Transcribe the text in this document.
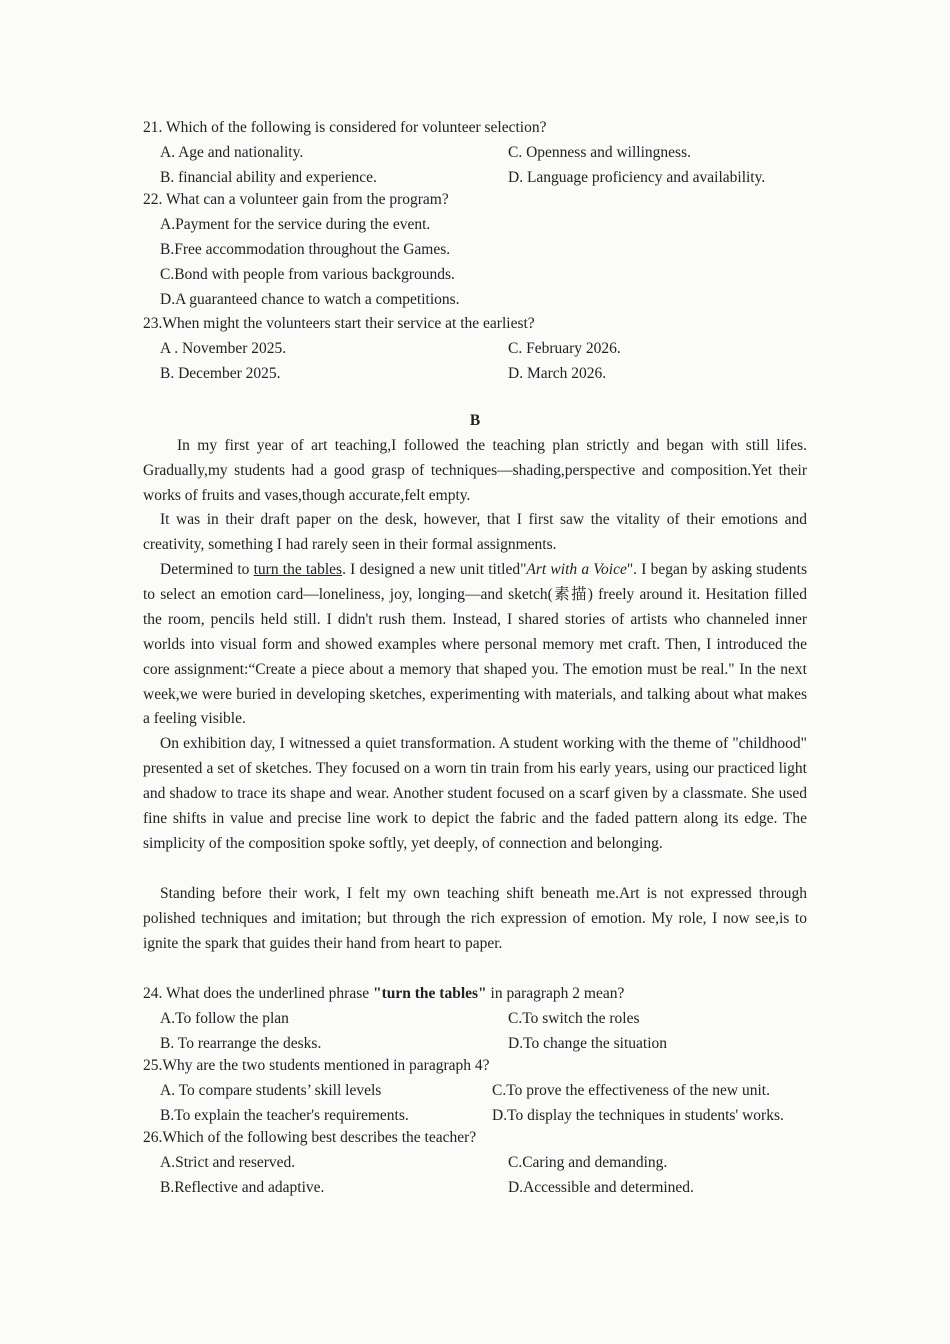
21. Which of the following is considered for volunteer selection?
A. Age and nationality.	C. Openness and willingness.
B. financial ability and experience.	D. Language proficiency and availability.
22. What can a volunteer gain from the program?
A.Payment for the service during the event.
B.Free accommodation throughout the Games.
C.Bond with people from various backgrounds.
D.A guaranteed chance to watch a competitions.
23.When might the volunteers start their service at the earliest?
A . November 2025.	C. February 2026.
B. December 2025.	D. March 2026.
B
In my first year of art teaching,I followed the teaching plan strictly and began with still lifes. Gradually,my students had a good grasp of techniques—shading,perspective and composition.Yet their works of fruits and vases,though accurate,felt empty.
It was in their draft paper on the desk, however, that I first saw the vitality of their emotions and creativity, something I had rarely seen in their formal assignments.
Determined to turn the tables. I designed a new unit titled"Art with a Voice". I began by asking students to select an emotion card—loneliness, joy, longing—and sketch(素描) freely around it. Hesitation filled the room, pencils held still. I didn't rush them. Instead, I shared stories of artists who channeled inner worlds into visual form and showed examples where personal memory met craft. Then, I introduced the core assignment:“Create a piece about a memory that shaped you. The emotion must be real." In the next week,we were buried in developing sketches, experimenting with materials, and talking about what makes a feeling visible.
On exhibition day, I witnessed a quiet transformation. A student working with the theme of "childhood" presented a set of sketches. They focused on a worn tin train from his early years, using our practiced light and shadow to trace its shape and wear. Another student focused on a scarf given by a classmate. She used fine shifts in value and precise line work to depict the fabric and the faded pattern along its edge. The simplicity of the composition spoke softly, yet deeply, of connection and belonging.
Standing before their work, I felt my own teaching shift beneath me.Art is not expressed through polished techniques and imitation; but through the rich expression of emotion. My role, I now see,is to ignite the spark that guides their hand from heart to paper.
24. What does the underlined phrase "turn the tables" in paragraph 2 mean?
A.To follow the plan	C.To switch the roles
B. To rearrange the desks.	D.To change the situation
25.Why are the two students mentioned in paragraph 4?
A. To compare students’ skill levels	C.To prove the effectiveness of the new unit.
B.To explain the teacher's requirements.	D.To display the techniques in students' works.
26.Which of the following best describes the teacher?
A.Strict and reserved.	C.Caring and demanding.
B.Reflective and adaptive.	D.Accessible and determined.
